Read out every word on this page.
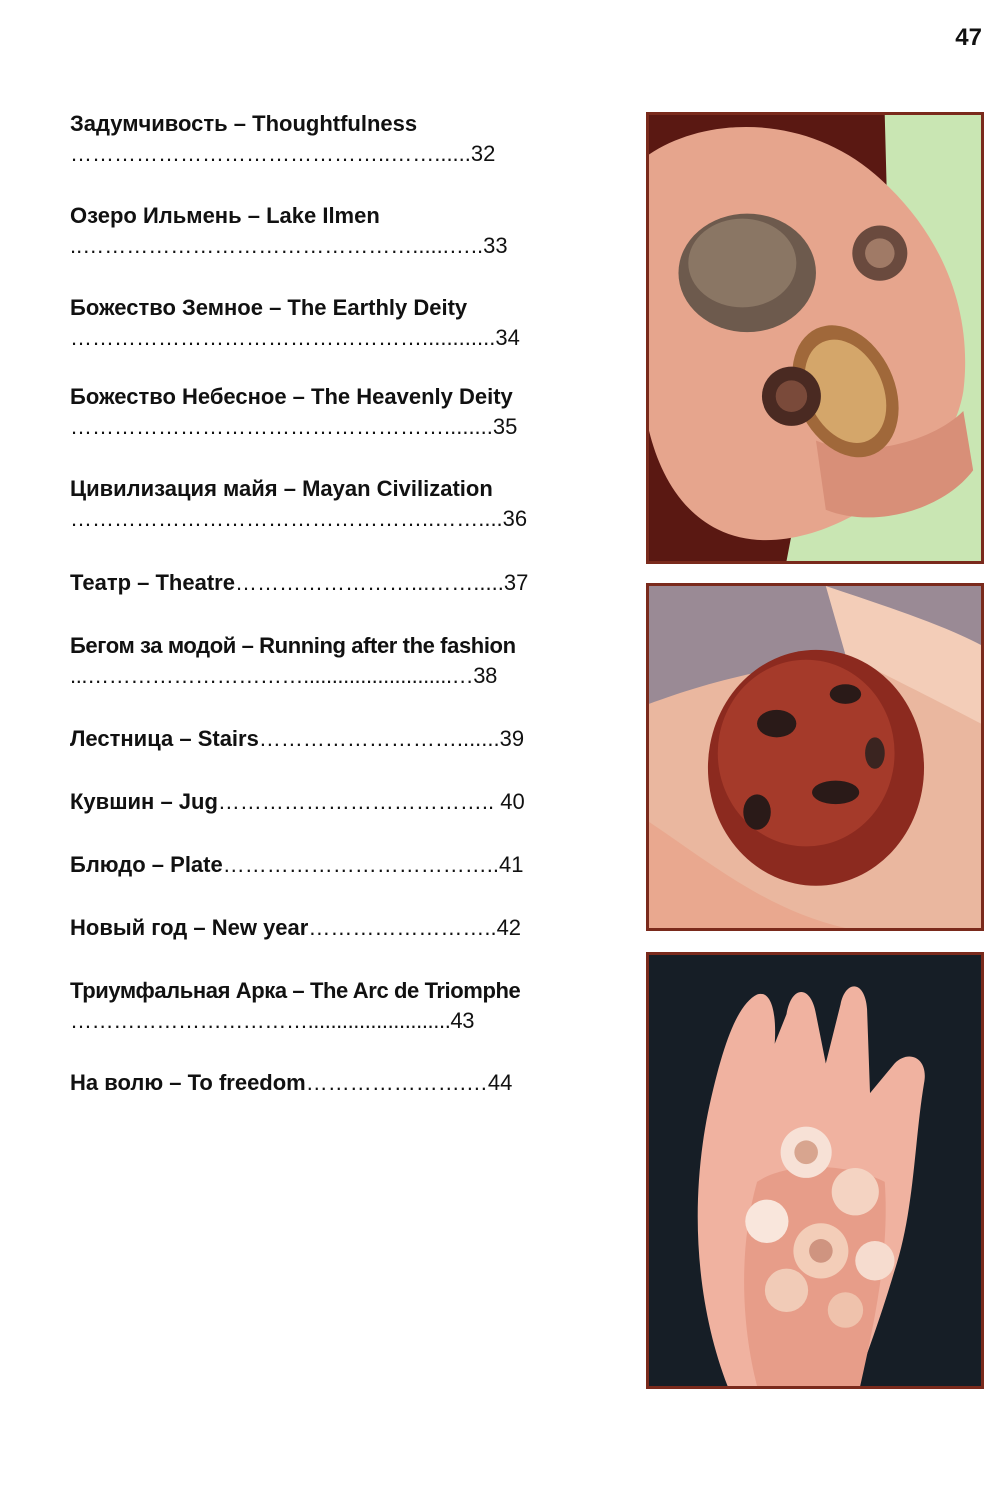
47
Задумчивость – Thoughtfulness
……………………………………..……......32
Озеро Ильмень – Lake Ilmen
..………………………………………......…..33
Божество Земное – The Earthly Deity
…………………………………………............34
Божество Небесное – The Heavenly Deity
……………………………………………........35
Цивилизация майя – Mayan Civilization
…………………………………………..……....36
Театр – Theatre……………………...…….....37
Бегом за модой – Running after the fashion
...…………………………..........................…38
Лестница – Stairs……………………….......39
Кувшин – Jug……………………………….. 40
Блюдо – Plate………………………………..41
Новый год – New year……………………..42
Триумфальная Арка – The Arc de Triomphe
…………………………….........................43
На волю – To freedom………………….…44
